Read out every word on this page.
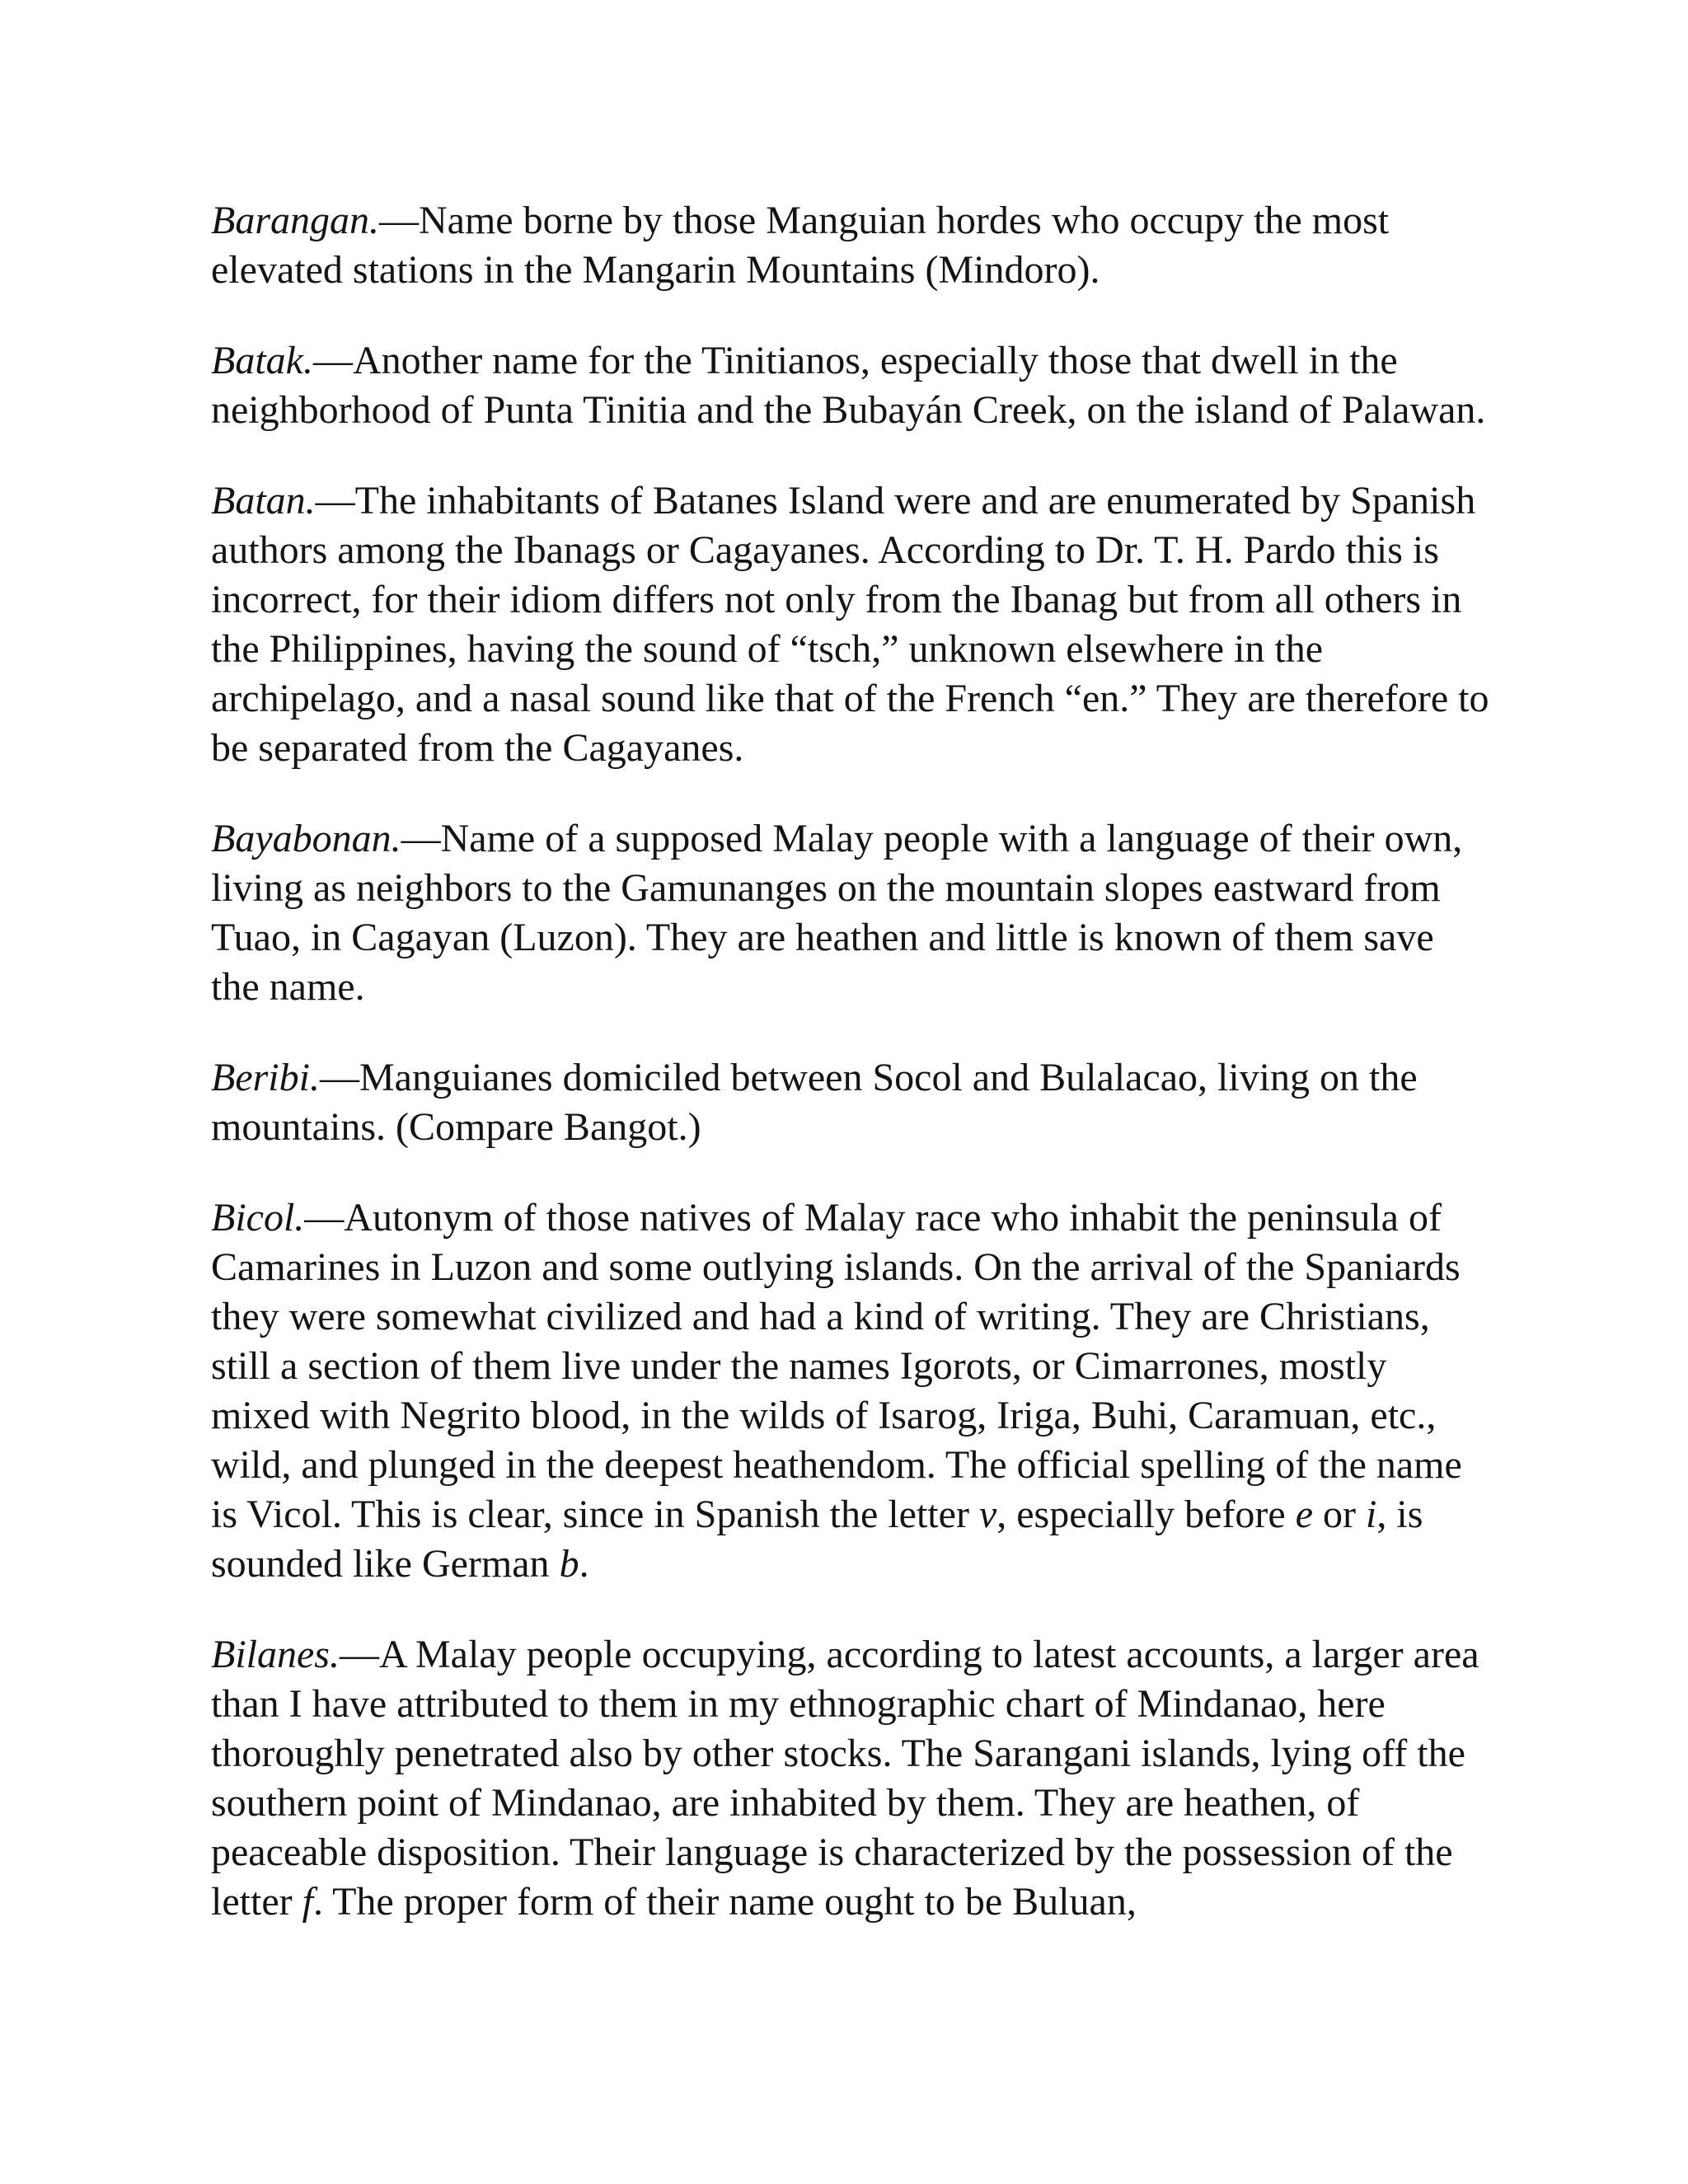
Barangan.—Name borne by those Manguian hordes who occupy the most elevated stations in the Mangarin Mountains (Mindoro).

Batak.—Another name for the Tinitianos, especially those that dwell in the neighborhood of Punta Tinitia and the Bubayán Creek, on the island of Palawan.

Batan.—The inhabitants of Batanes Island were and are enumerated by Spanish authors among the Ibanags or Cagayanes. According to Dr. T. H. Pardo this is incorrect, for their idiom differs not only from the Ibanag but from all others in the Philippines, having the sound of “tsch,” unknown elsewhere in the archipelago, and a nasal sound like that of the French “en.” They are therefore to be separated from the Cagayanes.

Bayabonan.—Name of a supposed Malay people with a language of their own, living as neighbors to the Gamunanges on the mountain slopes eastward from Tuao, in Cagayan (Luzon). They are heathen and little is known of them save the name.

Beribi.—Manguianes domiciled between Socol and Bulalacao, living on the mountains. (Compare Bangot.)

Bicol.—Autonym of those natives of Malay race who inhabit the peninsula of Camarines in Luzon and some outlying islands. On the arrival of the Spaniards they were somewhat civilized and had a kind of writing. They are Christians, still a section of them live under the names Igorots, or Cimarrones, mostly mixed with Negrito blood, in the wilds of Isarog, Iriga, Buhi, Caramuan, etc., wild, and plunged in the deepest heathendom. The official spelling of the name is Vicol. This is clear, since in Spanish the letter v, especially before e or i, is sounded like German b.

Bilanes.—A Malay people occupying, according to latest accounts, a larger area than I have attributed to them in my ethnographic chart of Mindanao, here thoroughly penetrated also by other stocks. The Sarangani islands, lying off the southern point of Mindanao, are inhabited by them. They are heathen, of peaceable disposition. Their language is characterized by the possession of the letter f. The proper form of their name ought to be Buluan,
